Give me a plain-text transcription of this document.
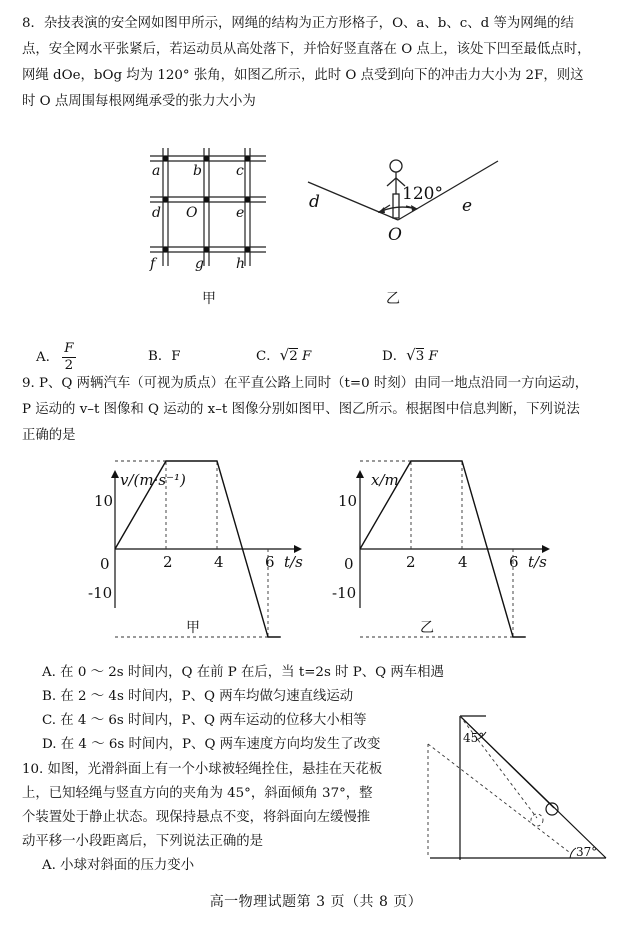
8．杂技表演的安全网如图甲所示，网绳的结构为正方形格子，O、a、b、c、d 等为网绳的结
点，安全网水平张紧后，若运动员从高处落下，并恰好竖直落在 O 点上，该处下凹至最低点时，
网绳 dOe，bOg 均为 120° 张角，如图乙所示，此时 O 点受到向下的冲击力大小为 2F，则这
时 O 点周围每根网绳承受的张力大小为
a b c
d O	e
f	g h
甲
120°
d	e
O
乙
A. $\frac{F}{2}$	B．F	C．√2 F	D．√3 F
9. P、Q 两辆汽车（可视为质点）在平直公路上同时（t=0 时刻）由同一地点沿同一方向运动，
P 运动的 v–t 图像和 Q 运动的 x–t 图像分别如图甲、图乙所示。根据图中信息判断，下列说法
正确的是
10
0
-10
2	4	6
v/(m·s⁻¹)
t/s
甲
10
0
-10
2	4	6
x/m
t/s
乙
A. 在 0 ～ 2s 时间内，Q 在前 P 在后，当 t=2s 时 P、Q 两车相遇
B. 在 2 ～ 4s 时间内，P、Q 两车均做匀速直线运动
C. 在 4 ～ 6s 时间内，P、Q 两车运动的位移大小相等
D. 在 4 ～ 6s 时间内，P、Q 两车速度方向均发生了改变
10. 如图，光滑斜面上有一个小球被轻绳拴住，悬挂在天花板
上，已知轻绳与竖直方向的夹角为 45°，斜面倾角 37°，整
个装置处于静止状态。现保持悬点不变，将斜面向左缓慢推
动平移一小段距离后，下列说法正确的是
A. 小球对斜面的压力变小
45°
37°
高一物理试题第 3 页（共 8 页）
